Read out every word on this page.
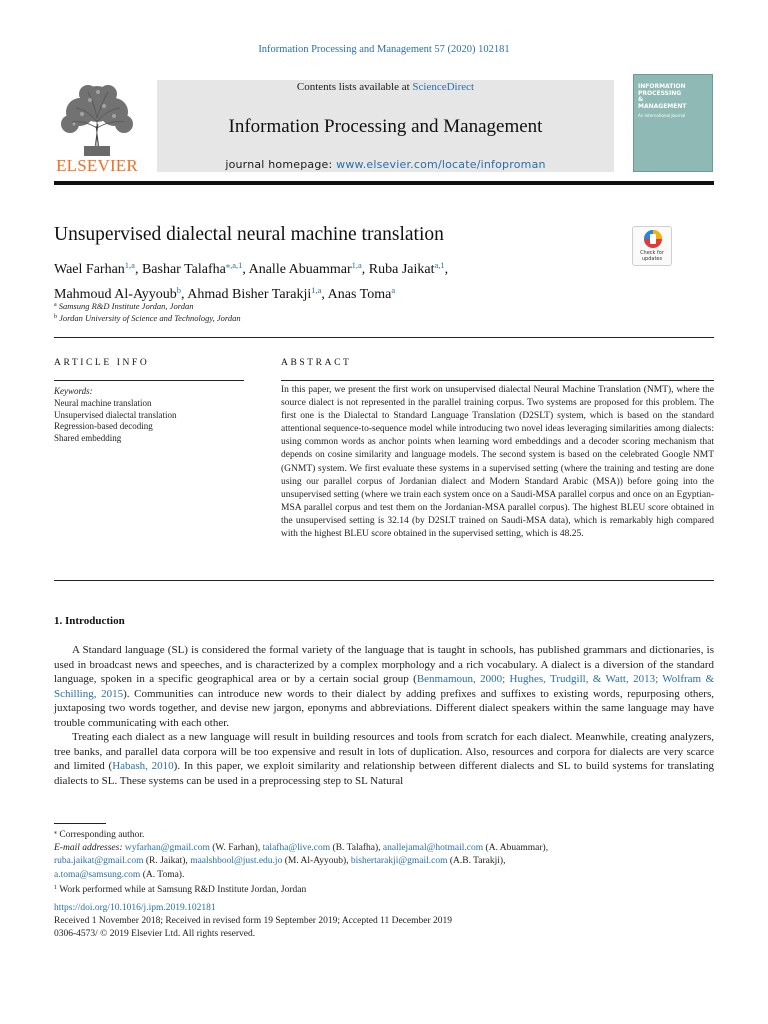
Information Processing and Management 57 (2020) 102181
ELSEVIER
Contents lists available at ScienceDirect
Information Processing and Management
journal homepage: www.elsevier.com/locate/infoproman
INFORMATION
PROCESSING
&
MANAGEMENT
An International Journal
Unsupervised dialectal neural machine translation
Check for
updates
Wael Farhan$^{1,a}$, Bashar Talafha$^{⁎,a,1}$, Analle Abuammar$^{1,a}$, Ruba Jaikat$^{a,1}$,
Mahmoud Al-Ayyoub$^b$, Ahmad Bisher Tarakji$^{1,a}$, Anas Toma$^a$
$^a$ Samsung R&D Institute Jordan, Jordan
$^b$ Jordan University of Science and Technology, Jordan
ARTICLE INFO	ABSTRACT
Keywords:
Neural machine translation
Unsupervised dialectal translation
Regression-based decoding
Shared embedding
In this paper, we present the first work on unsupervised dialectal Neural Machine Translation (NMT), where the source dialect is not represented in the parallel training corpus. Two systems are proposed for this problem. The first one is the Dialectal to Standard Language Translation (D2SLT) system, which is based on the standard attentional sequence-to-sequence model while introducing two novel ideas leveraging similarities among dialects: using common words as anchor points when learning word embeddings and a decoder scoring mechanism that depends on cosine similarity and language models. The second system is based on the celebrated Google NMT (GNMT) system. We first evaluate these systems in a supervised setting (where the training and testing are done using our parallel corpus of Jordanian dialect and Modern Standard Arabic (MSA)) before going into the unsupervised setting (where we train each system once on a Saudi-MSA parallel corpus and once on an Egyptian-MSA parallel corpus and test them on the Jordanian-MSA parallel corpus). The highest BLEU score obtained in the unsupervised setting is 32.14 (by D2SLT trained on Saudi-MSA data), which is remarkably high compared with the highest BLEU score obtained in the supervised setting, which is 48.25.
1. Introduction

A Standard language (SL) is considered the formal variety of the language that is taught in schools, has published grammars and dictionaries, is used in broadcast news and speeches, and is characterized by a complex morphology and a rich vocabulary. A dialect is a diversion of the standard language, spoken in a specific geographical area or by a certain social group (Benmamoun, 2000; Hughes, Trudgill, & Watt, 2013; Wolfram & Schilling, 2015). Communities can introduce new words to their dialect by adding prefixes and suffixes to existing words, repurposing others, juxtaposing two words together, and devise new jargon, eponyms and abbreviations. Different dialect speakers within the same language may have trouble communicating with each other.

Treating each dialect as a new language will result in building resources and tools from scratch for each dialect. Meanwhile, creating analyzers, tree banks, and parallel data corpora will be too expensive and result in lots of duplication. Also, resources and corpora for dialects are very scarce and limited (Habash, 2010). In this paper, we exploit similarity and relationship between different dialects and SL to build systems for translating dialects to SL. These systems can be used in a preprocessing step to SL Natural

⁎ Corresponding author.
E-mail addresses: wyfarhan@gmail.com (W. Farhan), talafha@live.com (B. Talafha), anallejamal@hotmail.com (A. Abuammar),
ruba.jaikat@gmail.com (R. Jaikat), maalshbool@just.edu.jo (M. Al-Ayyoub), bishertarakji@gmail.com (A.B. Tarakji),
a.toma@samsung.com (A. Toma).
$^1$ Work performed while at Samsung R&D Institute Jordan, Jordan
https://doi.org/10.1016/j.ipm.2019.102181
Received 1 November 2018; Received in revised form 19 September 2019; Accepted 11 December 2019
0306-4573/ © 2019 Elsevier Ltd. All rights reserved.
